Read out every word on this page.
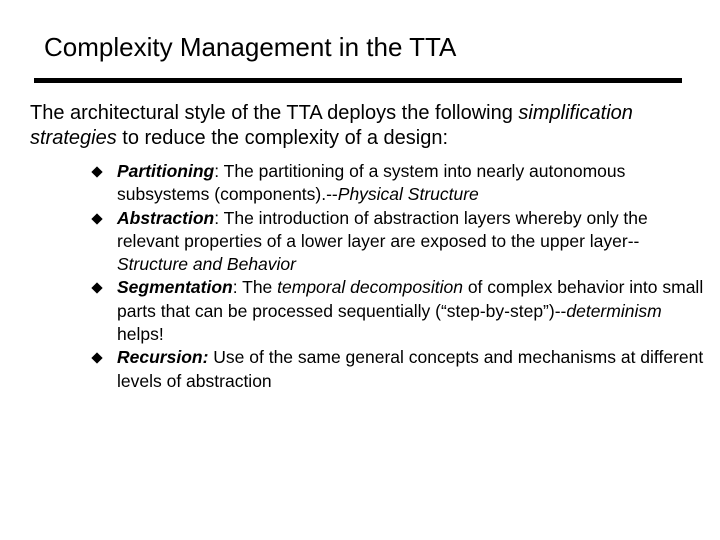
Complexity Management in the TTA
The architectural style of the TTA deploys the following simplification strategies to reduce the complexity of a design:
Partitioning: The partitioning of a system into nearly autonomous subsystems (components).--Physical Structure
Abstraction: The introduction of abstraction layers whereby only the relevant properties of a lower layer are exposed to the upper layer--Structure and Behavior
Segmentation: The temporal decomposition of complex behavior into small parts that can be processed sequentially (“step-by-step”)--determinism helps!
Recursion: Use of the same general concepts and mechanisms at different levels of abstraction
